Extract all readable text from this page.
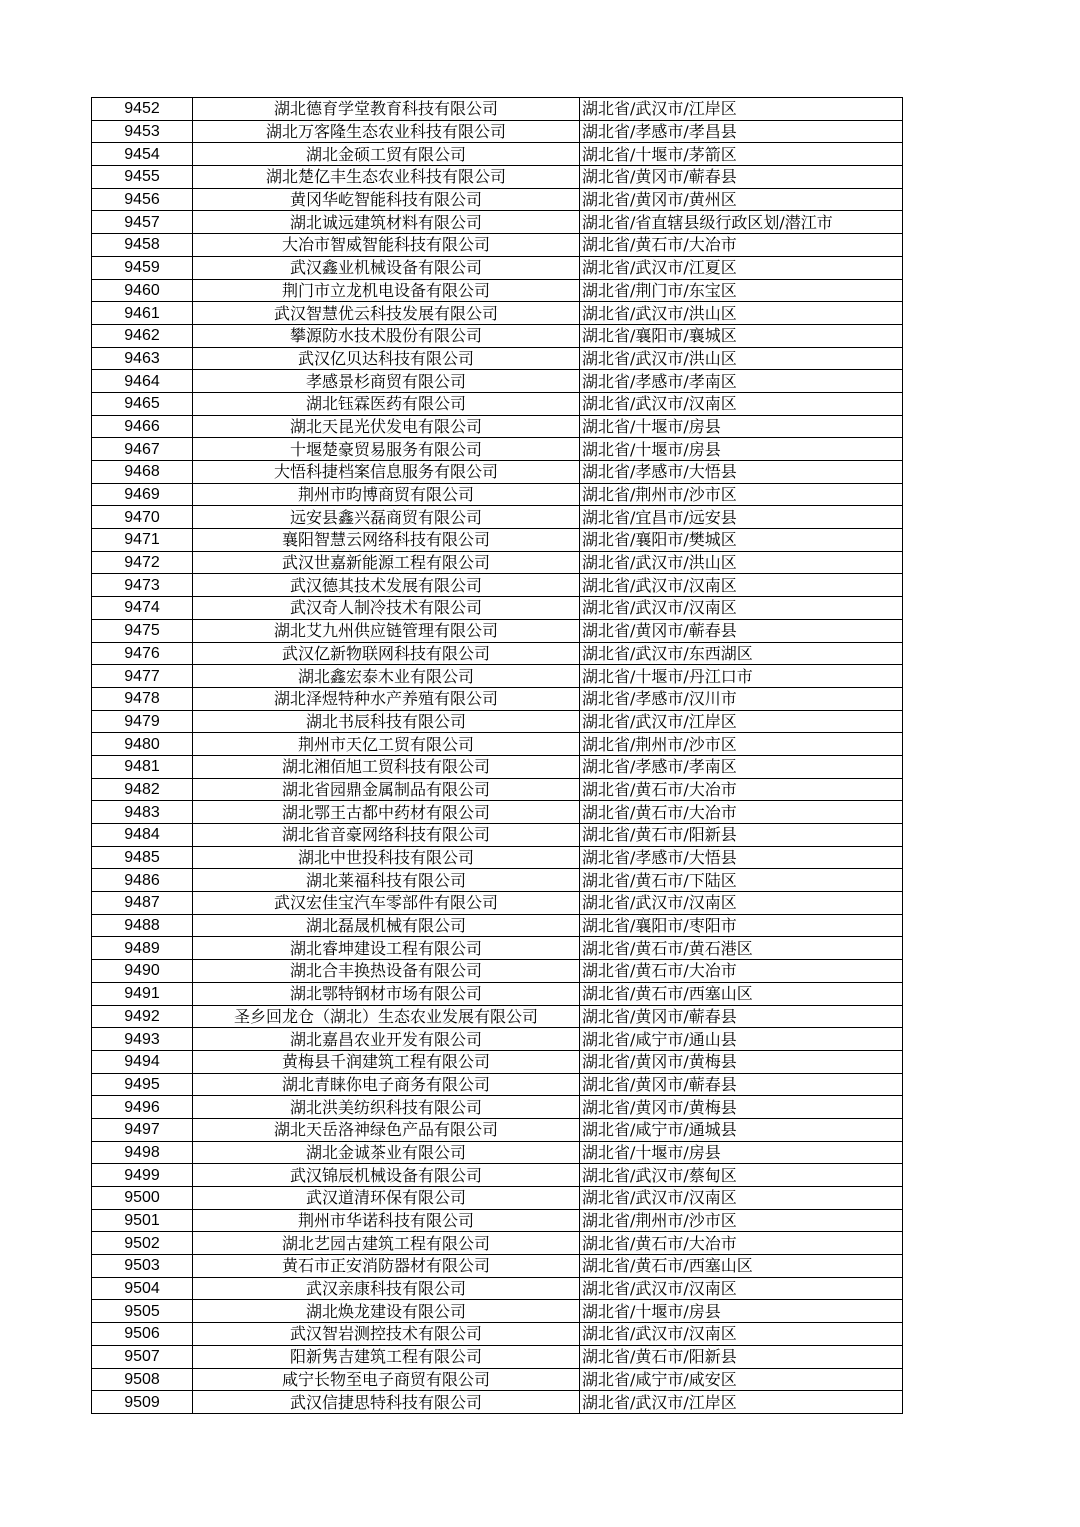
9452	湖北德育学堂教育科技有限公司	湖北省/武汉市/江岸区
9453	湖北万客隆生态农业科技有限公司	湖北省/孝感市/孝昌县
9454	湖北金硕工贸有限公司	湖北省/十堰市/茅箭区
9455	湖北楚亿丰生态农业科技有限公司	湖北省/黄冈市/蕲春县
9456	黄冈华屹智能科技有限公司	湖北省/黄冈市/黄州区
9457	湖北诚远建筑材料有限公司	湖北省/省直辖县级行政区划/潜江市
9458	大冶市智威智能科技有限公司	湖北省/黄石市/大冶市
9459	武汉鑫业机械设备有限公司	湖北省/武汉市/江夏区
9460	荆门市立龙机电设备有限公司	湖北省/荆门市/东宝区
9461	武汉智慧优云科技发展有限公司	湖北省/武汉市/洪山区
9462	攀源防水技术股份有限公司	湖北省/襄阳市/襄城区
9463	武汉亿贝达科技有限公司	湖北省/武汉市/洪山区
9464	孝感景杉商贸有限公司	湖北省/孝感市/孝南区
9465	湖北钰霖医药有限公司	湖北省/武汉市/汉南区
9466	湖北天昆光伏发电有限公司	湖北省/十堰市/房县
9467	十堰楚豪贸易服务有限公司	湖北省/十堰市/房县
9468	大悟科捷档案信息服务有限公司	湖北省/孝感市/大悟县
9469	荆州市昀博商贸有限公司	湖北省/荆州市/沙市区
9470	远安县鑫兴磊商贸有限公司	湖北省/宜昌市/远安县
9471	襄阳智慧云网络科技有限公司	湖北省/襄阳市/樊城区
9472	武汉世嘉新能源工程有限公司	湖北省/武汉市/洪山区
9473	武汉德其技术发展有限公司	湖北省/武汉市/汉南区
9474	武汉奇人制冷技术有限公司	湖北省/武汉市/汉南区
9475	湖北艾九州供应链管理有限公司	湖北省/黄冈市/蕲春县
9476	武汉亿新物联网科技有限公司	湖北省/武汉市/东西湖区
9477	湖北鑫宏泰木业有限公司	湖北省/十堰市/丹江口市
9478	湖北泽煜特种水产养殖有限公司	湖北省/孝感市/汉川市
9479	湖北书辰科技有限公司	湖北省/武汉市/江岸区
9480	荆州市天亿工贸有限公司	湖北省/荆州市/沙市区
9481	湖北湘佰旭工贸科技有限公司	湖北省/孝感市/孝南区
9482	湖北省园鼎金属制品有限公司	湖北省/黄石市/大冶市
9483	湖北鄂王古都中药材有限公司	湖北省/黄石市/大冶市
9484	湖北省音豪网络科技有限公司	湖北省/黄石市/阳新县
9485	湖北中世投科技有限公司	湖北省/孝感市/大悟县
9486	湖北莱福科技有限公司	湖北省/黄石市/下陆区
9487	武汉宏佳宝汽车零部件有限公司	湖北省/武汉市/汉南区
9488	湖北磊晟机械有限公司	湖北省/襄阳市/枣阳市
9489	湖北睿坤建设工程有限公司	湖北省/黄石市/黄石港区
9490	湖北合丰换热设备有限公司	湖北省/黄石市/大冶市
9491	湖北鄂特钢材市场有限公司	湖北省/黄石市/西塞山区
9492	圣乡回龙仓（湖北）生态农业发展有限公司	湖北省/黄冈市/蕲春县
9493	湖北嘉昌农业开发有限公司	湖北省/咸宁市/通山县
9494	黄梅县千润建筑工程有限公司	湖北省/黄冈市/黄梅县
9495	湖北青睐你电子商务有限公司	湖北省/黄冈市/蕲春县
9496	湖北洪美纺织科技有限公司	湖北省/黄冈市/黄梅县
9497	湖北天岳洛神绿色产品有限公司	湖北省/咸宁市/通城县
9498	湖北金诚茶业有限公司	湖北省/十堰市/房县
9499	武汉锦辰机械设备有限公司	湖北省/武汉市/蔡甸区
9500	武汉道清环保有限公司	湖北省/武汉市/汉南区
9501	荆州市华诺科技有限公司	湖北省/荆州市/沙市区
9502	湖北艺园古建筑工程有限公司	湖北省/黄石市/大冶市
9503	黄石市正安消防器材有限公司	湖北省/黄石市/西塞山区
9504	武汉亲康科技有限公司	湖北省/武汉市/汉南区
9505	湖北焕龙建设有限公司	湖北省/十堰市/房县
9506	武汉智岩测控技术有限公司	湖北省/武汉市/汉南区
9507	阳新隽吉建筑工程有限公司	湖北省/黄石市/阳新县
9508	咸宁长物至电子商贸有限公司	湖北省/咸宁市/咸安区
9509	武汉信捷思特科技有限公司	湖北省/武汉市/江岸区
